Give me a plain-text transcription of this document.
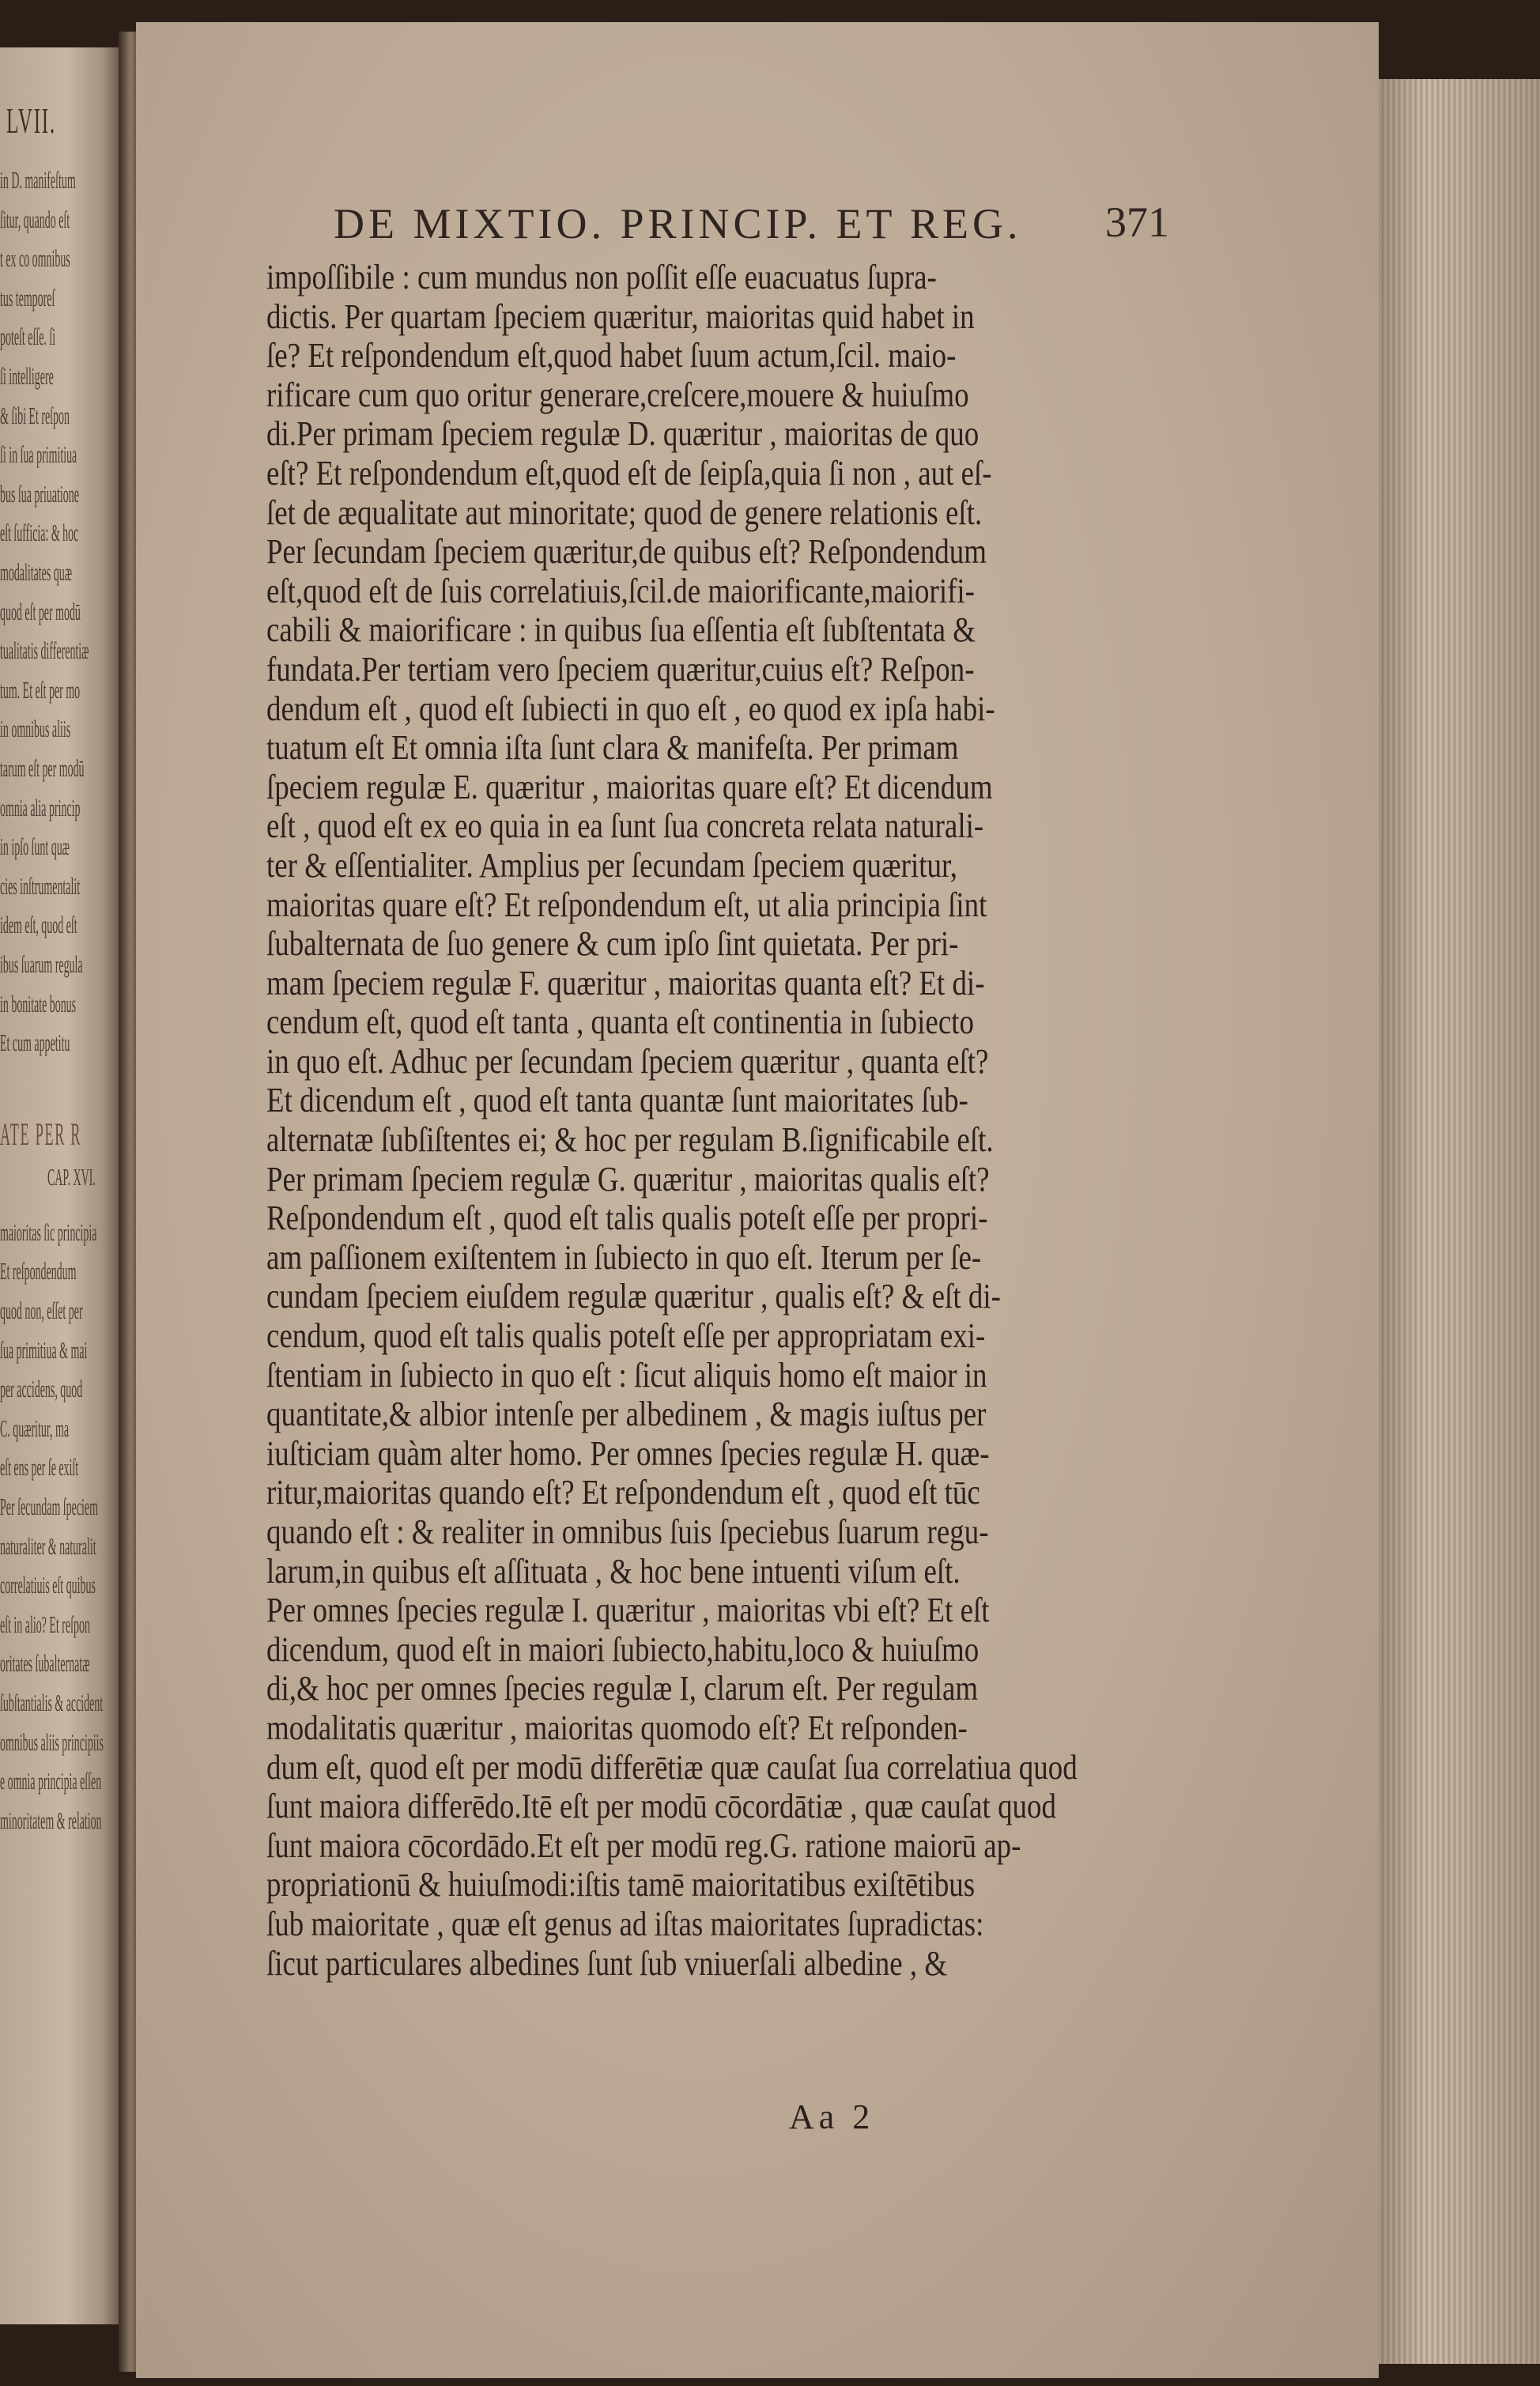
LVII.
in D. manifeſtum
ſitur, quando eſt
t ex co omnibus
tus temporeſ
poteſt eſſe. ſi
ſi intelligere
& ſibi Et reſpon
ſi in ſua primitiua
bus ſua priuatione
eſt ſufficia: & hoc
modalitates quæ
quod eſt per modū
tualitatis differentiæ
tum. Et eſt per mo
in omnibus aliis
tarum eſt per modū
omnia alia princip
in ipſo ſunt quæ
cies inſtrumentalit
idem eſt, quod eſt
ibus ſuarum regula
in bonitate bonus
Et cum appetitu
ATE PER R
CAP. XVI.
maioritas ſic principia
Et reſpondendum
quod non, eſſet per
ſua primitiua & mai
per accidens, quod
C. quæritur, ma
eſt ens per ſe exiſt
Per ſecundam ſpeciem
naturaliter & naturalit
correlatiuis eſt quibus
eſt in alio? Et reſpon
oritates ſubalternatæ
ſubſtantialis & accident
omnibus aliis principiis
e omnia principia eſſen
minoritatem & relation
DE MIXTIO. PRINCIP. ET REG.	371
impoſſibile : cum mundus non poſſit eſſe euacuatus ſupra-
dictis. Per quartam ſpeciem quæritur, maioritas quid habet in
ſe? Et reſpondendum eſt,quod habet ſuum actum,ſcil. maio-
rificare cum quo oritur generare,creſcere,mouere & huiuſmo
di.Per primam ſpeciem regulæ D. quæritur , maioritas de quo
eſt? Et reſpondendum eſt,quod eſt de ſeipſa,quia ſi non , aut eſ-
ſet de æqualitate aut minoritate; quod de genere relationis eſt.
Per ſecundam ſpeciem quæritur,de quibus eſt? Reſpondendum
eſt,quod eſt de ſuis correlatiuis,ſcil.de maiorificante,maiorifi-
cabili & maiorificare : in quibus ſua eſſentia eſt ſubſtentata &
fundata.Per tertiam vero ſpeciem quæritur,cuius eſt? Reſpon-
dendum eſt , quod eſt ſubiecti in quo eſt , eo quod ex ipſa habi-
tuatum eſt Et omnia iſta ſunt clara & manifeſta. Per primam
ſpeciem regulæ E. quæritur , maioritas quare eſt? Et dicendum
eſt , quod eſt ex eo quia in ea ſunt ſua concreta relata naturali-
ter & eſſentialiter. Amplius per ſecundam ſpeciem quæritur,
maioritas quare eſt? Et reſpondendum eſt, ut alia principia ſint
ſubalternata de ſuo genere & cum ipſo ſint quietata. Per pri-
mam ſpeciem regulæ F. quæritur , maioritas quanta eſt? Et di-
cendum eſt, quod eſt tanta , quanta eſt continentia in ſubiecto
in quo eſt. Adhuc per ſecundam ſpeciem quæritur , quanta eſt?
Et dicendum eſt , quod eſt tanta quantæ ſunt maioritates ſub-
alternatæ ſubſiſtentes ei; & hoc per regulam B.ſignificabile eſt.
Per primam ſpeciem regulæ G. quæritur , maioritas qualis eſt?
Reſpondendum eſt , quod eſt talis qualis poteſt eſſe per propri-
am paſſionem exiſtentem in ſubiecto in quo eſt. Iterum per ſe-
cundam ſpeciem eiuſdem regulæ quæritur , qualis eſt? & eſt di-
cendum, quod eſt talis qualis poteſt eſſe per appropriatam exi-
ſtentiam in ſubiecto in quo eſt : ſicut aliquis homo eſt maior in
quantitate,& albior intenſe per albedinem , & magis iuſtus per
iuſticiam quàm alter homo. Per omnes ſpecies regulæ H. quæ-
ritur,maioritas quando eſt? Et reſpondendum eſt , quod eſt tūc
quando eſt : & realiter in omnibus ſuis ſpeciebus ſuarum regu-
larum,in quibus eſt aſſituata , & hoc bene intuenti viſum eſt.
Per omnes ſpecies regulæ I. quæritur , maioritas vbi eſt? Et eſt
dicendum, quod eſt in maiori ſubiecto,habitu,loco & huiuſmo
di,& hoc per omnes ſpecies regulæ I, clarum eſt. Per regulam
modalitatis quæritur , maioritas quomodo eſt? Et reſponden-
dum eſt, quod eſt per modū differētiæ quæ cauſat ſua correlatiua quod
ſunt maiora differēdo.Itē eſt per modū cōcordātiæ , quæ cauſat quod
ſunt maiora cōcordādo.Et eſt per modū reg.G. ratione maiorū ap-
propriationū & huiuſmodi:iſtis tamē maioritatibus exiſtētibus
ſub maioritate , quæ eſt genus ad iſtas maioritates ſupradictas:
ſicut particulares albedines ſunt ſub vniuerſali albedine , &
Aa 2
